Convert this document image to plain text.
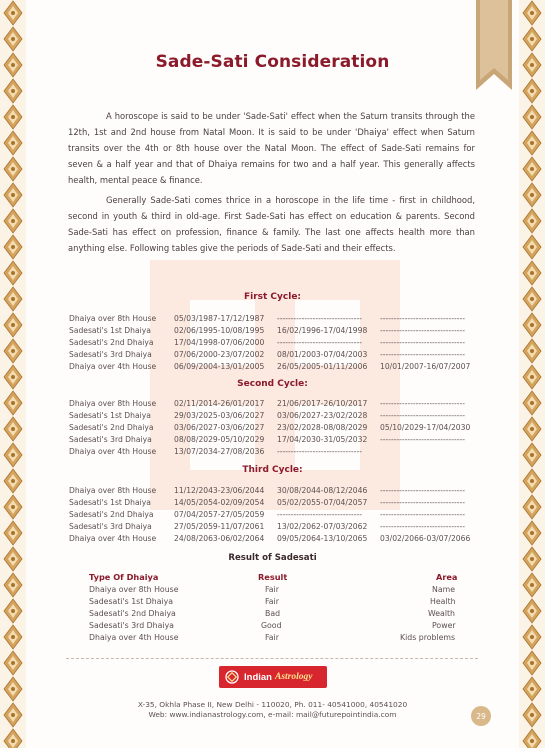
Sade-Sati Consideration
A horoscope is said to be under 'Sade-Sati' effect when the Saturn transits through the 12th, 1st and 2nd house from Natal Moon. It is said to be under 'Dhaiya' effect when Saturn transits over the 4th or 8th house over the Natal Moon. The effect of Sade-Sati remains for seven & a half year and that of Dhaiya remains for two and a half year. This generally affects health, mental peace & finance.
Generally Sade-Sati comes thrice in a horoscope in the life time - first in childhood, second in youth & third in old-age. First Sade-Sati has effect on education & parents. Second Sade-Sati has effect on profession, finance & family. The last one affects health more than anything else. Following tables give the periods of Sade-Sati and their effects.
First Cycle:
Dhaiya over 8th House 05/03/1987-17/12/1987 ------------------------------- -------------------------------
Sadesati's 1st Dhaiya	02/06/1995-10/08/1995 16/02/1996-17/04/1998 -------------------------------
Sadesati's 2nd Dhaiya	17/04/1998-07/06/2000 ------------------------------- -------------------------------
Sadesati's 3rd Dhaiya	07/06/2000-23/07/2002 08/01/2003-07/04/2003 -------------------------------
Dhaiya over 4th House 06/09/2004-13/01/2005 26/05/2005-01/11/2006 10/01/2007-16/07/2007
Second Cycle:
Dhaiya over 8th House 02/11/2014-26/01/2017 21/06/2017-26/10/2017 -------------------------------
Sadesati's 1st Dhaiya	29/03/2025-03/06/2027 03/06/2027-23/02/2028 -------------------------------
Sadesati's 2nd Dhaiya	03/06/2027-03/06/2027 23/02/2028-08/08/2029 05/10/2029-17/04/2030
Sadesati's 3rd Dhaiya	08/08/2029-05/10/2029 17/04/2030-31/05/2032 -------------------------------
Dhaiya over 4th House 13/07/2034-27/08/2036 -------------------------------
Third Cycle:
Dhaiya over 8th House 11/12/2043-23/06/2044 30/08/2044-08/12/2046 -------------------------------
Sadesati's 1st Dhaiya	14/05/2054-02/09/2054 05/02/2055-07/04/2057 -------------------------------
Sadesati's 2nd Dhaiya	07/04/2057-27/05/2059 ------------------------------- -------------------------------
Sadesati's 3rd Dhaiya	27/05/2059-11/07/2061 13/02/2062-07/03/2062 -------------------------------
Dhaiya over 4th House 24/08/2063-06/02/2064 09/05/2064-13/10/2065 03/02/2066-03/07/2066
Result of Sadesati
Type Of Dhaiya	Result	Area
Dhaiya over 8th House	Fair	Name
Sadesati's 1st Dhaiya	Fair	Health
Sadesati's 2nd Dhaiya	Bad	Wealth
Sadesati's 3rd Dhaiya	Good	Power
Dhaiya over 4th House	Fair	Kids problems
Indian Astrology
X-35, Okhla Phase II, New Delhi - 110020, Ph. 011- 40541000, 40541020
Web: www.indianastrology.com, e-mail: mail@futurepointindia.com	29
